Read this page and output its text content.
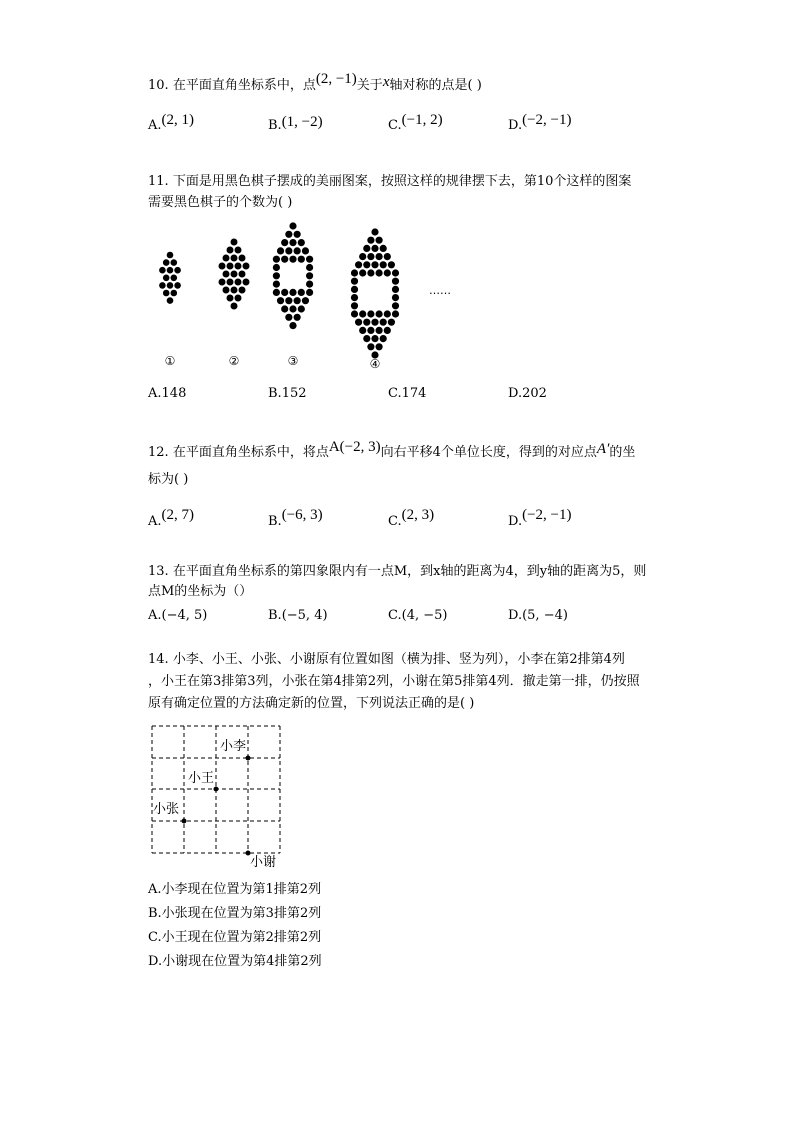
10. 在平面直角坐标系中，点(2, −1)关于x轴对称的点是( )
A.(2, 1)	B.(1, −2)	C.(−1, 2)	D.(−2, −1)
11. 下面是用黑色棋子摆成的美丽图案，按照这样的规律摆下去，第10个这样的图案
需要黑色棋子的个数为( )
①	②	③	④
……
A.148	B.152	C.174	D.202
12. 在平面直角坐标系中，将点A(−2, 3)向右平移4个单位长度，得到的对应点A′的坐
标为( )
A.(2, 7)	B.(−6, 3)	C.(2, 3)	D.(−2, −1)
13. 在平面直角坐标系的第四象限内有一点M，到x轴的距离为4，到y轴的距离为5，则
点M的坐标为（）
A.(−4, 5)	B.(−5, 4)	C.(4, −5)	D.(5, −4)
14. 小李、小王、小张、小谢原有位置如图（横为排、竖为列），小李在第2排第4列
，小王在第3排第3列，小张在第4排第2列，小谢在第5排第4列．撤走第一排，仍按照
原有确定位置的方法确定新的位置，下列说法正确的是( )
小李
小王
小张
小谢
A.小李现在位置为第1排第2列
B.小张现在位置为第3排第2列
C.小王现在位置为第2排第2列
D.小谢现在位置为第4排第2列
